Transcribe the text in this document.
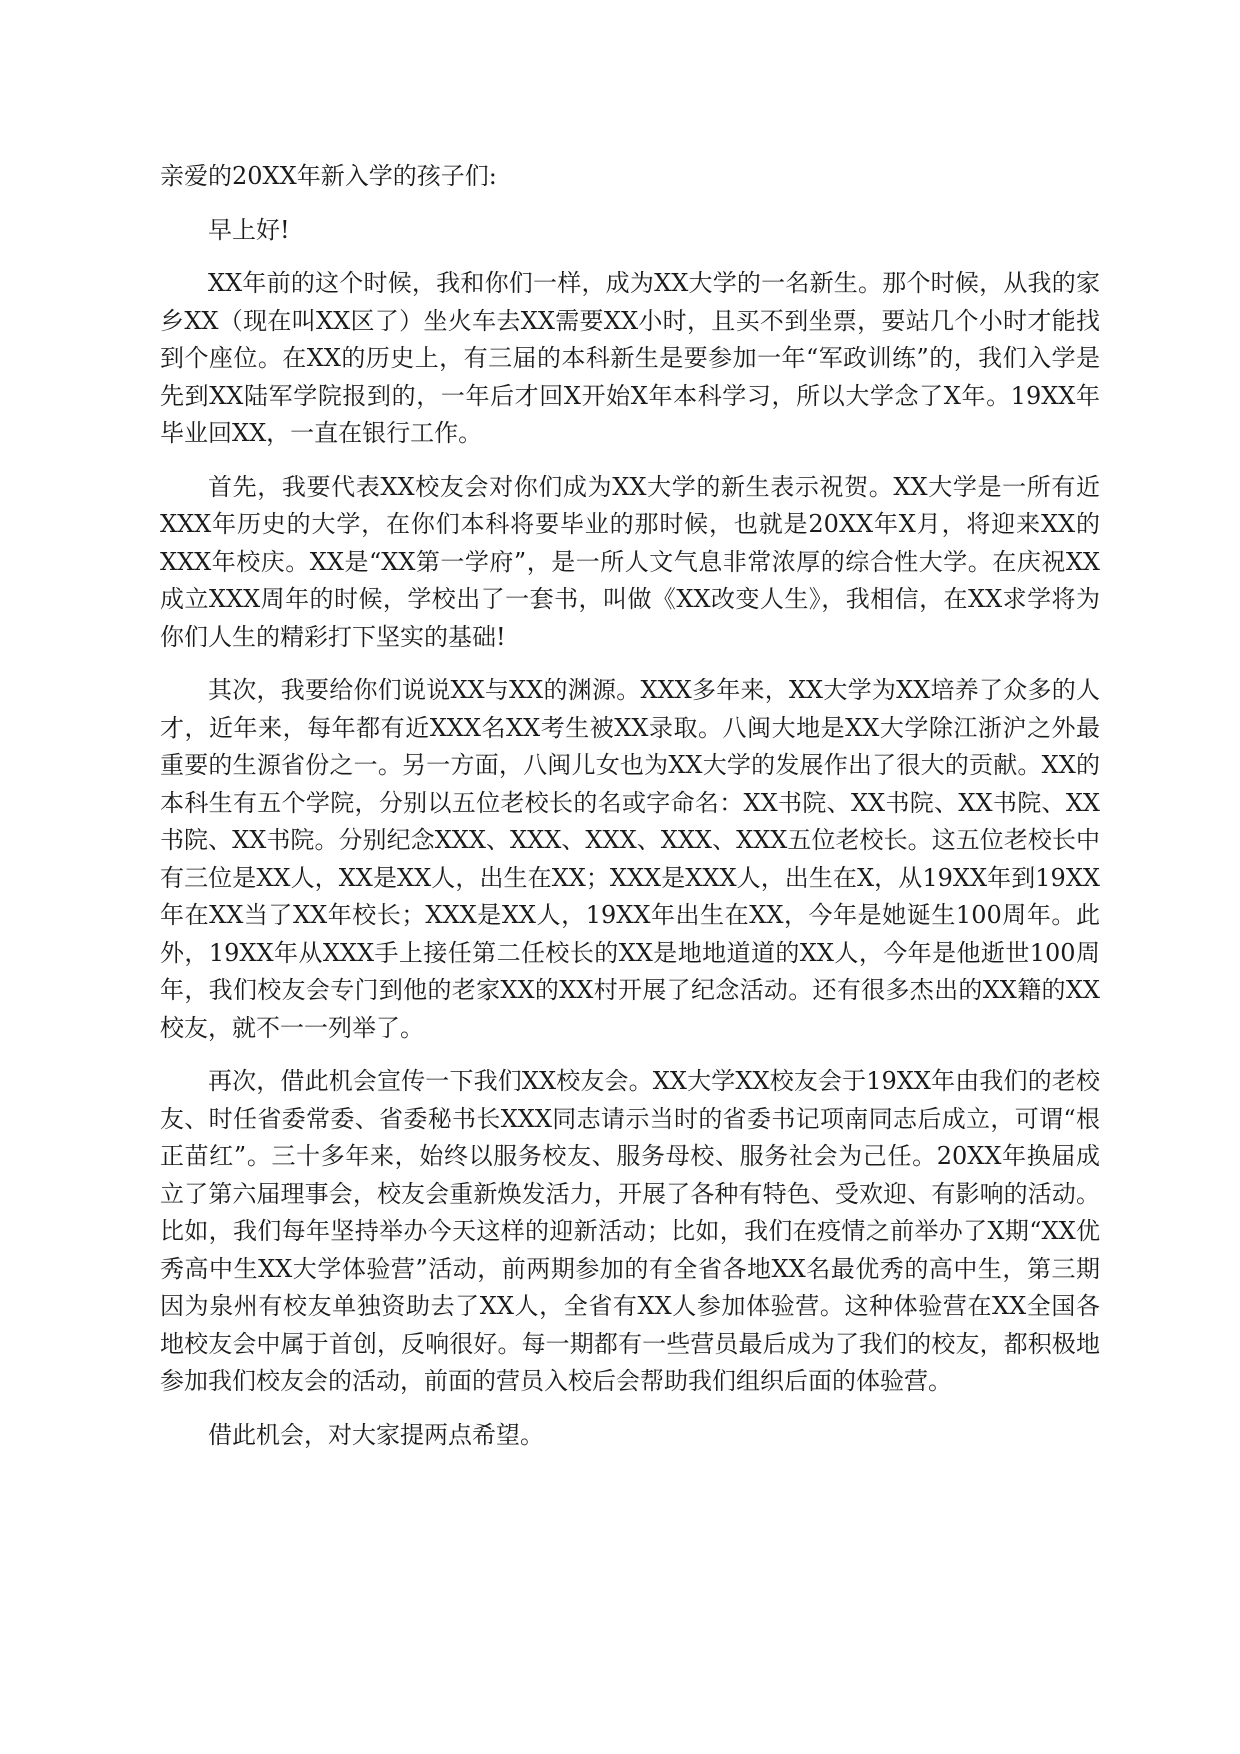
亲爱的20XX年新入学的孩子们:

早上好!

XX年前的这个时候，我和你们一样，成为XX大学的一名新生。那个时候，从我的家乡XX（现在叫XX区了）坐火车去XX需要XX小时，且买不到坐票，要站几个小时才能找到个座位。在XX的历史上，有三届的本科新生是要参加一年“军政训练”的，我们入学是先到XX陆军学院报到的，一年后才回X开始X年本科学习，所以大学念了X年。19XX年毕业回XX，一直在银行工作。

首先，我要代表XX校友会对你们成为XX大学的新生表示祝贺。XX大学是一所有近XXX年历史的大学，在你们本科将要毕业的那时候，也就是20XX年X月，将迎来XX的XXX年校庆。XX是“XX第一学府”，是一所人文气息非常浓厚的综合性大学。在庆祝XX成立XXX周年的时候，学校出了一套书，叫做《XX改变人生》，我相信，在XX求学将为你们人生的精彩打下坚实的基础!

其次，我要给你们说说XX与XX的渊源。XXX多年来，XX大学为XX培养了众多的人才，近年来，每年都有近XXX名XX考生被XX录取。八闽大地是XX大学除江浙沪之外最重要的生源省份之一。另一方面，八闽儿女也为XX大学的发展作出了很大的贡献。XX的本科生有五个学院，分别以五位老校长的名或字命名：XX书院、XX书院、XX书院、XX书院、XX书院。分别纪念XXX、XXX、XXX、XXX、XXX五位老校长。这五位老校长中有三位是XX人，XX是XX人，出生在XX；XXX是XXX人，出生在X，从19XX年到19XX年在XX当了XX年校长；XXX是XX人，19XX年出生在XX，今年是她诞生100周年。此外，19XX年从XXX手上接任第二任校长的XX是地地道道的XX人，今年是他逝世100周年，我们校友会专门到他的老家XX的XX村开展了纪念活动。还有很多杰出的XX籍的XX校友，就不一一列举了。

再次，借此机会宣传一下我们XX校友会。XX大学XX校友会于19XX年由我们的老校友、时任省委常委、省委秘书长XXX同志请示当时的省委书记项南同志后成立，可谓“根正苗红”。三十多年来，始终以服务校友、服务母校、服务社会为己任。20XX年换届成立了第六届理事会，校友会重新焕发活力，开展了各种有特色、受欢迎、有影响的活动。比如，我们每年坚持举办今天这样的迎新活动；比如，我们在疫情之前举办了X期“XX优秀高中生XX大学体验营”活动，前两期参加的有全省各地XX名最优秀的高中生，第三期因为泉州有校友单独资助去了XX人，全省有XX人参加体验营。这种体验营在XX全国各地校友会中属于首创，反响很好。每一期都有一些营员最后成为了我们的校友，都积极地参加我们校友会的活动，前面的营员入校后会帮助我们组织后面的体验营。

借此机会，对大家提两点希望。
